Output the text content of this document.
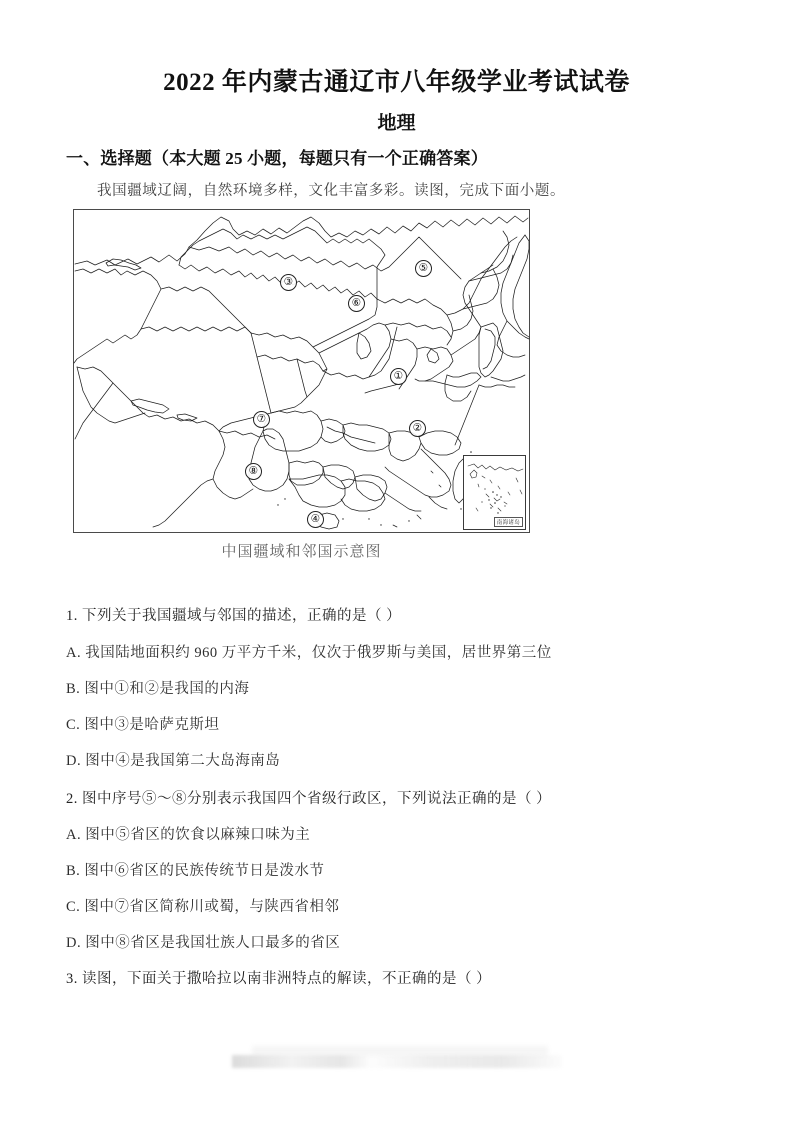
2022 年内蒙古通辽市八年级学业考试试卷
地理
一、选择题（本大题 25 小题，每题只有一个正确答案）
我国疆域辽阔，自然环境多样，文化丰富多彩。读图，完成下面小题。
①
②
③
④
⑤
⑥
⑦
⑧
南海诸岛
中国疆域和邻国示意图
1. 下列关于我国疆域与邻国的描述，正确的是（ ）
A. 我国陆地面积约 960 万平方千米，仅次于俄罗斯与美国，居世界第三位
B. 图中①和②是我国的内海
C. 图中③是哈萨克斯坦
D. 图中④是我国第二大岛海南岛
2. 图中序号⑤～⑧分别表示我国四个省级行政区，下列说法正确的是（ ）
A. 图中⑤省区的饮食以麻辣口味为主
B. 图中⑥省区的民族传统节日是泼水节
C. 图中⑦省区简称川或蜀，与陕西省相邻
D. 图中⑧省区是我国壮族人口最多的省区
3. 读图，下面关于撒哈拉以南非洲特点的解读，不正确的是（ ）
